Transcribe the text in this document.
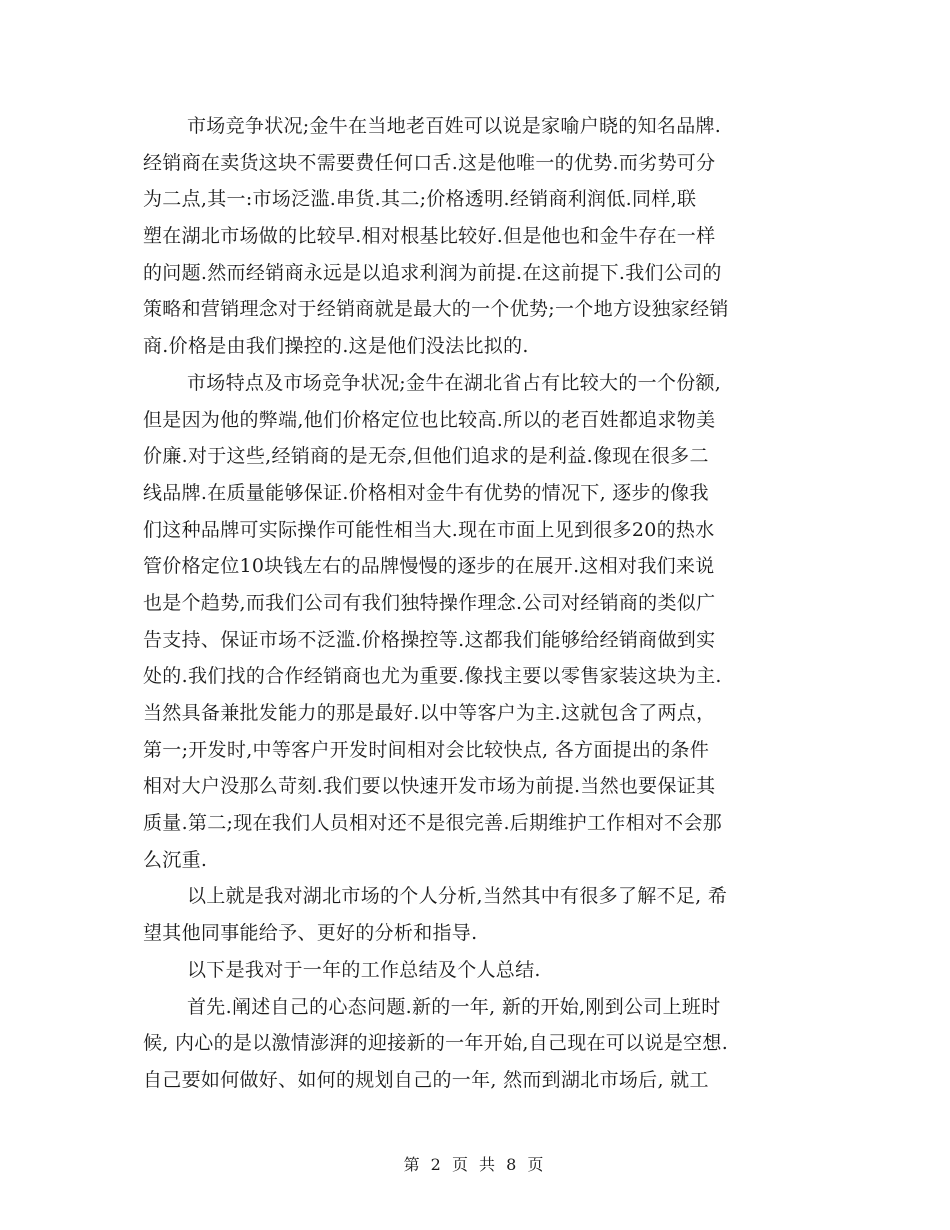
市场竞争状况;金牛在当地老百姓可以说是家喻户晓的知名品牌.
经销商在卖货这块不需要费任何口舌.这是他唯一的优势.而劣势可分
为二点,其一:市场泛滥.串货.其二;价格透明.经销商利润低.同样,联
塑在湖北市场做的比较早.相对根基比较好.但是他也和金牛存在一样
的问题.然而经销商永远是以追求利润为前提.在这前提下.我们公司的
策略和营销理念对于经销商就是最大的一个优势;一个地方设独家经销
商.价格是由我们操控的.这是他们没法比拟的.
市场特点及市场竞争状况;金牛在湖北省占有比较大的一个份额,
但是因为他的弊端,他们价格定位也比较高.所以的老百姓都追求物美
价廉.对于这些,经销商的是无奈,但他们追求的是利益.像现在很多二
线品牌.在质量能够保证.价格相对金牛有优势的情况下, 逐步的像我
们这种品牌可实际操作可能性相当大.现在市面上见到很多20的热水
管价格定位10块钱左右的品牌慢慢的逐步的在展开.这相对我们来说
也是个趋势,而我们公司有我们独特操作理念.公司对经销商的类似广
告支持、保证市场不泛滥.价格操控等.这都我们能够给经销商做到实
处的.我们找的合作经销商也尤为重要.像找主要以零售家装这块为主.
当然具备兼批发能力的那是最好.以中等客户为主.这就包含了两点，
第一;开发时,中等客户开发时间相对会比较快点, 各方面提出的条件
相对大户没那么苛刻.我们要以快速开发市场为前提.当然也要保证其
质量.第二;现在我们人员相对还不是很完善.后期维护工作相对不会那
么沉重.
以上就是我对湖北市场的个人分析,当然其中有很多了解不足, 希
望其他同事能给予、更好的分析和指导.
以下是我对于一年的工作总结及个人总结.
首先.阐述自己的心态问题.新的一年, 新的开始,刚到公司上班时
候, 内心的是以激情澎湃的迎接新的一年开始,自己现在可以说是空想.
自己要如何做好、如何的规划自己的一年, 然而到湖北市场后, 就工
第 2 页 共 8 页
